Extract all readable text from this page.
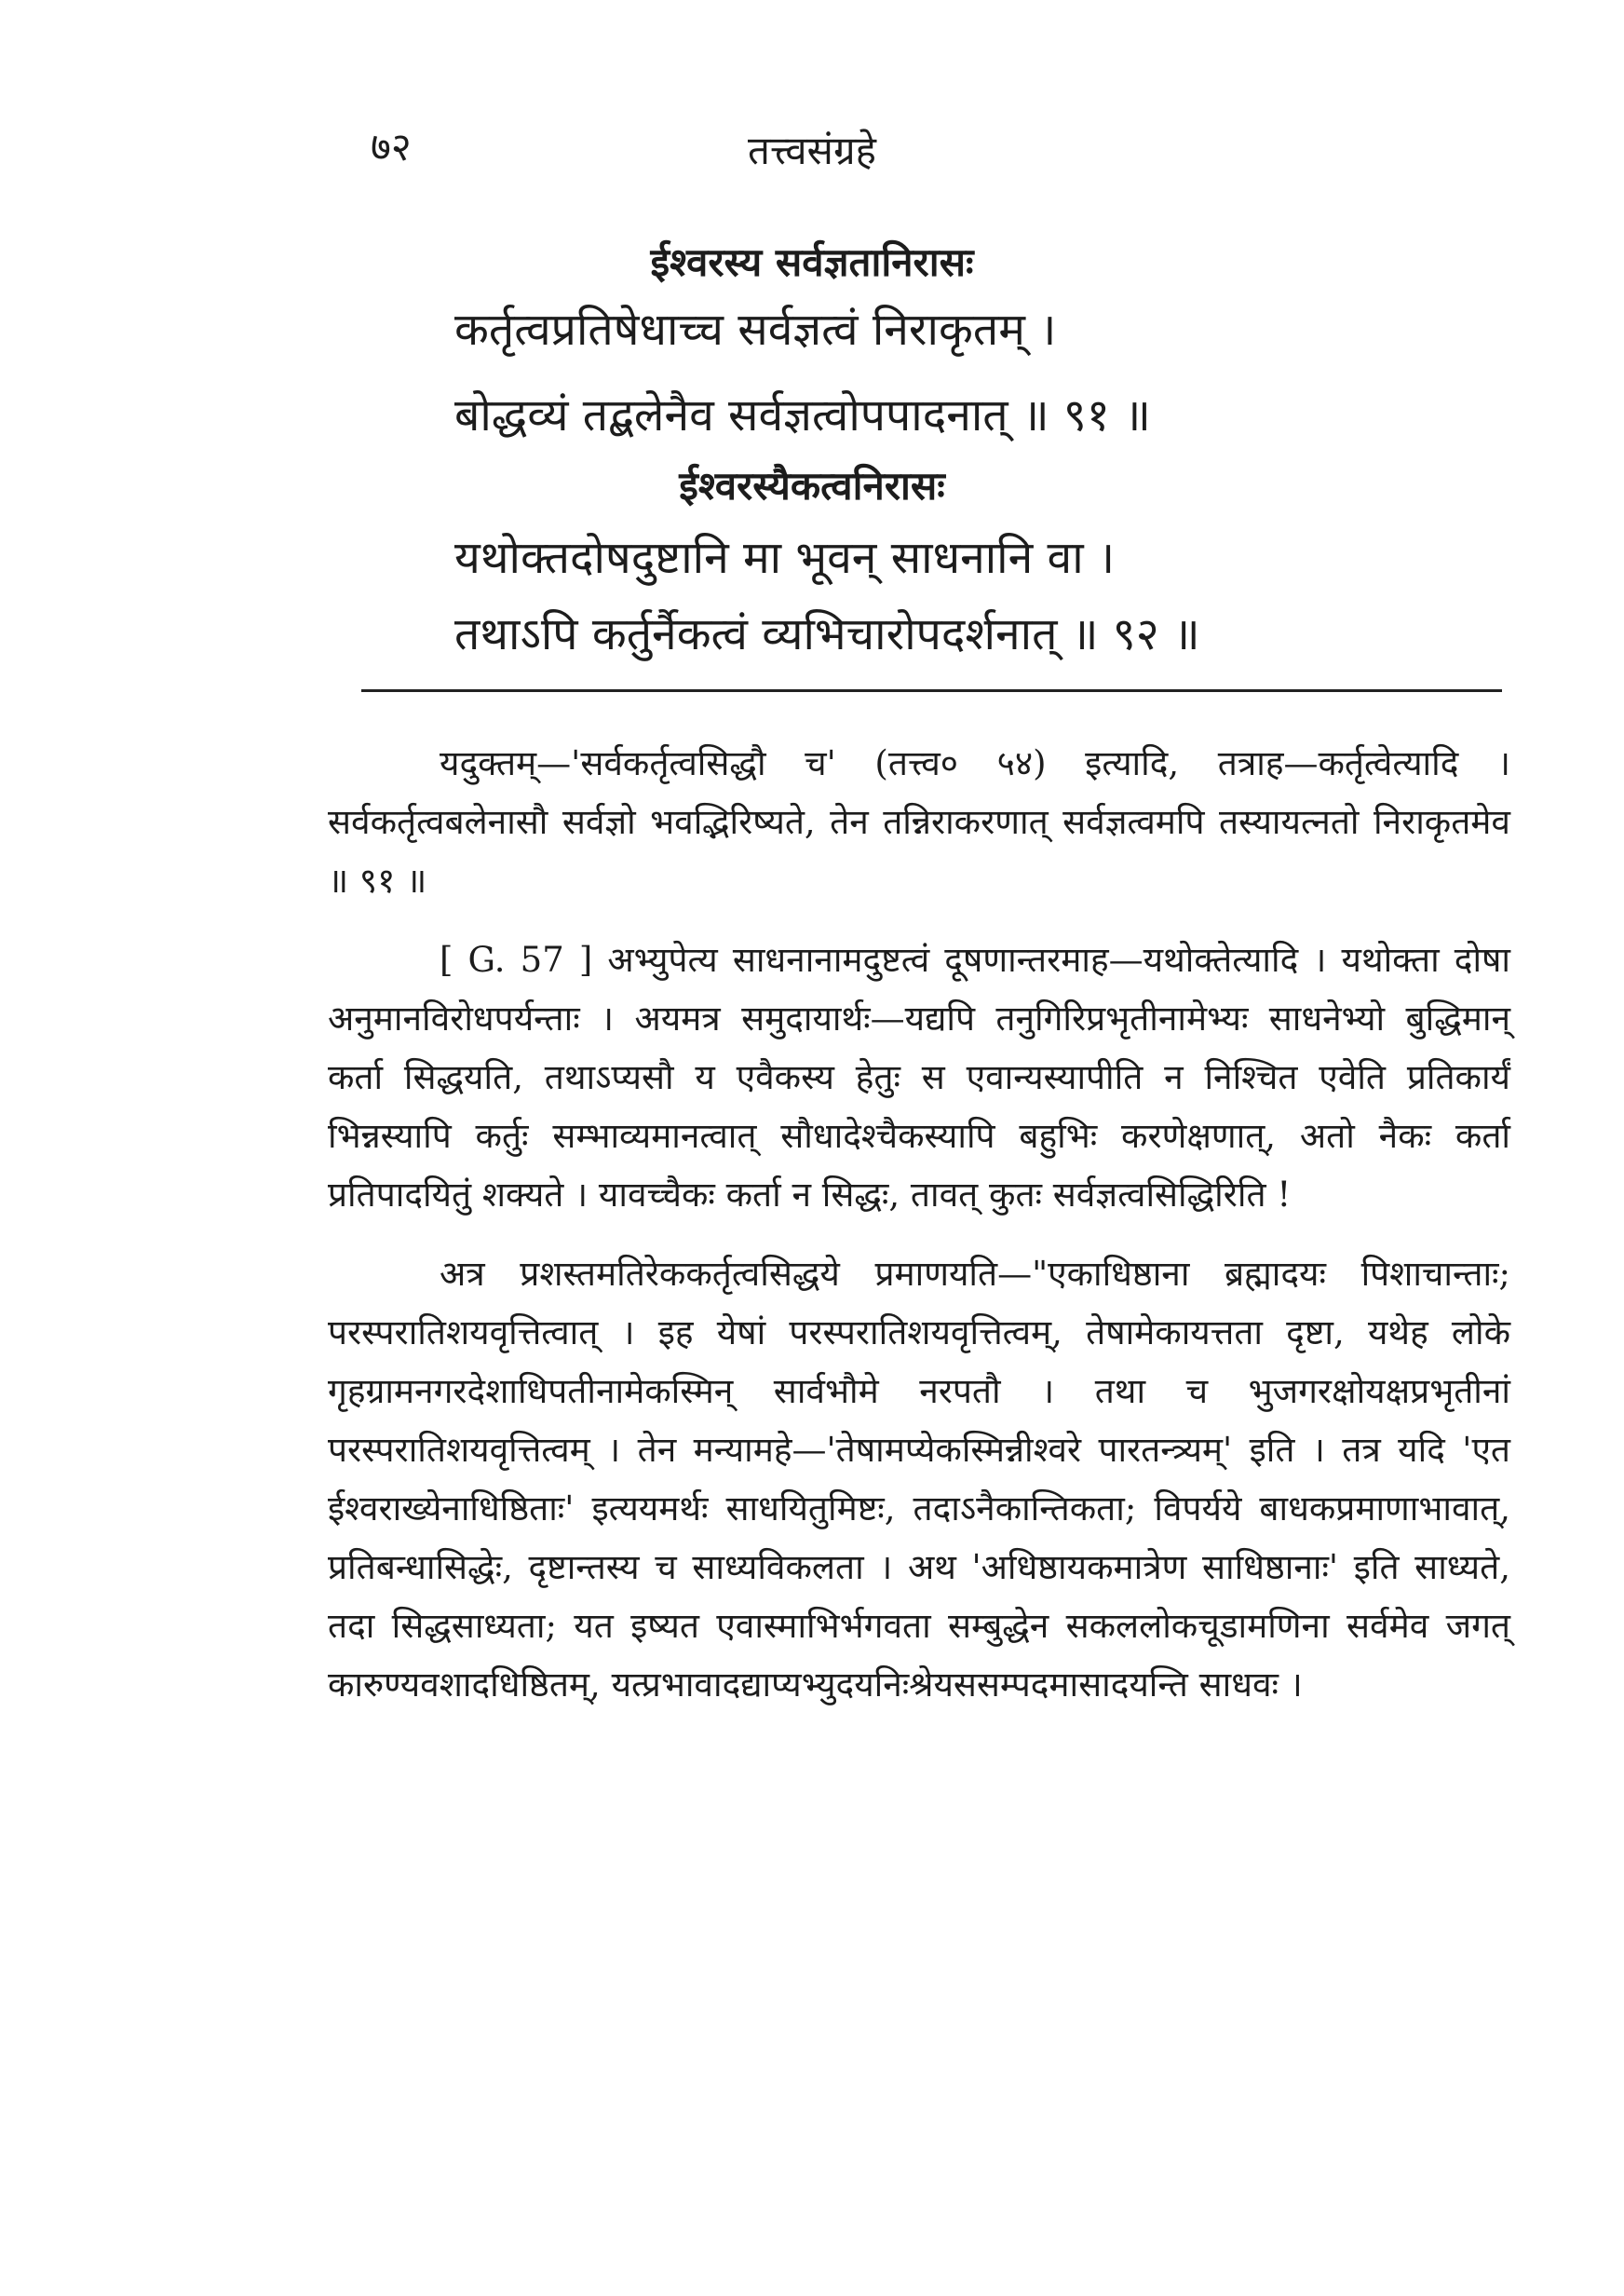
७२	तत्त्वसंग्रहे
ईश्वरस्य सर्वज्ञतानिरासः
कर्तृत्वप्रतिषेधाच्च सर्वज्ञत्वं निराकृतम् ।
बोद्धव्यं तद्बलेनैव सर्वज्ञत्वोपपादनात् ॥ ९१ ॥
ईश्वरस्यैकत्वनिरासः
यथोक्तदोषदुष्टानि मा भूवन् साधनानि वा ।
तथाऽपि कर्तुर्नैकत्वं व्यभिचारोपदर्शनात् ॥ ९२ ॥

यदुक्तम्—'सर्वकर्तृत्वसिद्धौ च' (तत्त्व० ५४) इत्यादि, तत्राह—कर्तृत्वेत्यादि । सर्वकर्तृत्वबलेनासौ सर्वज्ञो भवद्भिरिष्यते, तेन तन्निराकरणात् सर्वज्ञत्वमपि तस्यायत्नतो निराकृतमेव ॥ ९१ ॥

[ G. 57 ] अभ्युपेत्य साधनानामदुष्टत्वं दूषणान्तरमाह—यथोक्तेत्यादि । यथोक्ता दोषा अनुमानविरोधपर्यन्ताः । अयमत्र समुदायार्थः—यद्यपि तनुगिरिप्रभृतीनामेभ्यः साधनेभ्यो बुद्धिमान् कर्ता सिद्धयति, तथाऽप्यसौ य एवैकस्य हेतुः स एवान्यस्यापीति न निश्चित एवेति प्रतिकार्यं भिन्नस्यापि कर्तुः सम्भाव्यमानत्वात् सौधादेश्चैकस्यापि बहुभिः करणेक्षणात्, अतो नैकः कर्ता प्रतिपादयितुं शक्यते । यावच्चैकः कर्ता न सिद्धः, तावत् कुतः सर्वज्ञत्वसिद्धिरिति !

अत्र प्रशस्तमतिरेककर्तृत्वसिद्धये प्रमाणयति—"एकाधिष्ठाना ब्रह्मादयः पिशाचान्ताः; परस्परातिशयवृत्तित्वात् । इह येषां परस्परातिशयवृत्तित्वम्, तेषामेकायत्तता दृष्टा, यथेह लोके गृहग्रामनगरदेशाधिपतीनामेकस्मिन् सार्वभौमे नरपतौ । तथा च भुजगरक्षोयक्षप्रभृतीनां परस्परातिशयवृत्तित्वम् । तेन मन्यामहे—'तेषामप्येकस्मिन्नीश्वरे पारतन्त्र्यम्' इति । तत्र यदि 'एत ईश्वराख्येनाधिष्ठिताः' इत्ययमर्थः साधयितुमिष्टः, तदाऽनैकान्तिकता; विपर्यये बाधकप्रमाणाभावात्, प्रतिबन्धासिद्धेः, दृष्टान्तस्य च साध्यविकलता । अथ 'अधिष्ठायकमात्रेण साधिष्ठानाः' इति साध्यते, तदा सिद्धसाध्यता; यत इष्यत एवास्माभिर्भगवता सम्बुद्धेन सकललोकचूडामणिना सर्वमेव जगत् कारुण्यवशादधिष्ठितम्, यत्प्रभावादद्याप्यभ्युदयनिःश्रेयससम्पदमासादयन्ति साधवः ।
